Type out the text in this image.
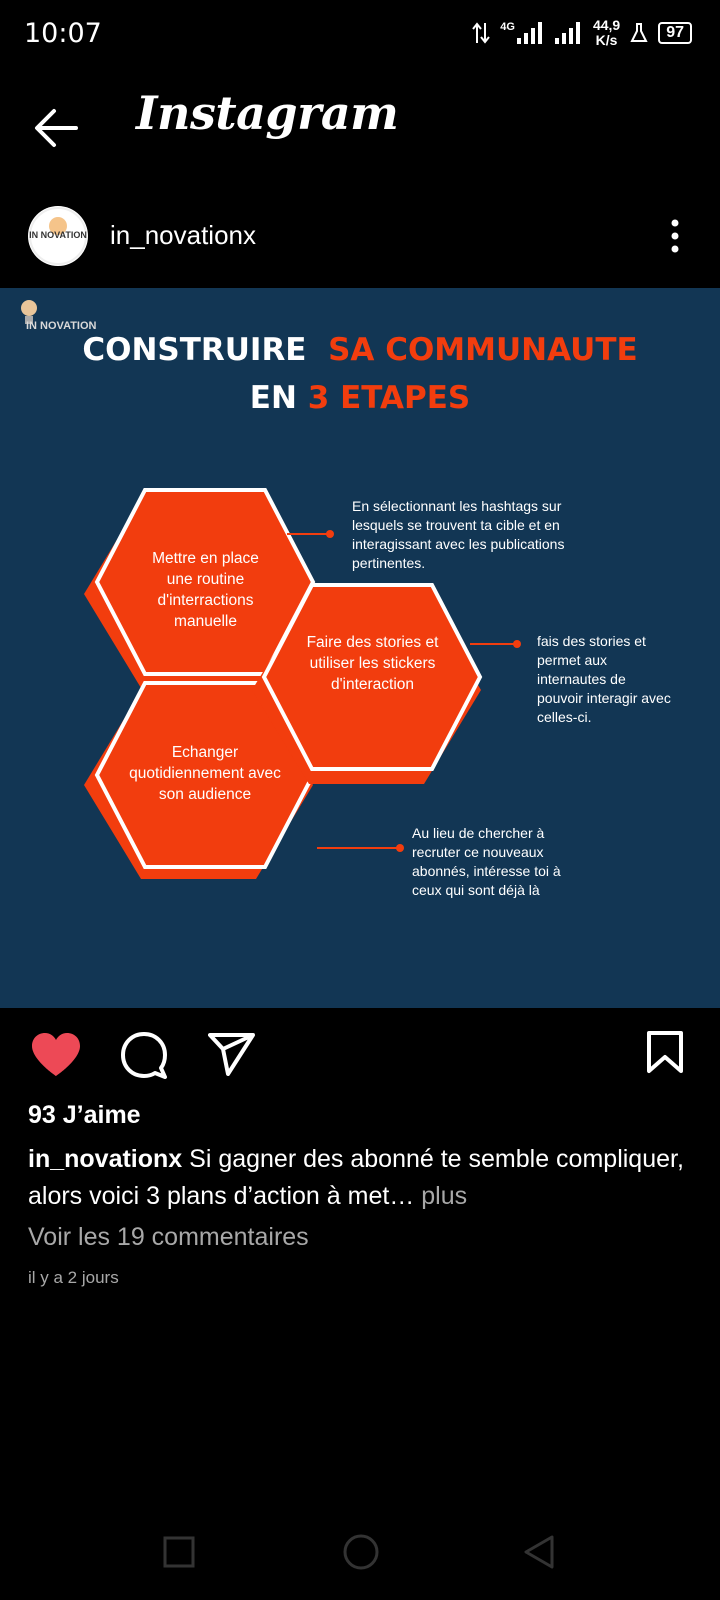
10:07	4G	44,9
K/s	97
Instagram
IN NOVATION in_novationx
IN NOVATION
CONSTRUIRE SA COMMUNAUTE
EN 3 ETAPES
Mettre en place une routine d'interractions manuelle
Faire des stories et utiliser les stickers d'interaction
Echanger quotidiennement avec son audience
En sélectionnant les hashtags sur lesquels se trouvent ta cible et en interagissant avec les publications pertinentes.
fais des stories et permet aux internautes de pouvoir interagir avec celles-ci.
Au lieu de chercher à recruter ce nouveaux abonnés, intéresse toi à ceux qui sont déjà là
93 J’aime
in_novationx Si gagner des abonné te semble compliquer, alors voici 3 plans d’action à met… plus
Voir les 19 commentaires
il y a 2 jours
